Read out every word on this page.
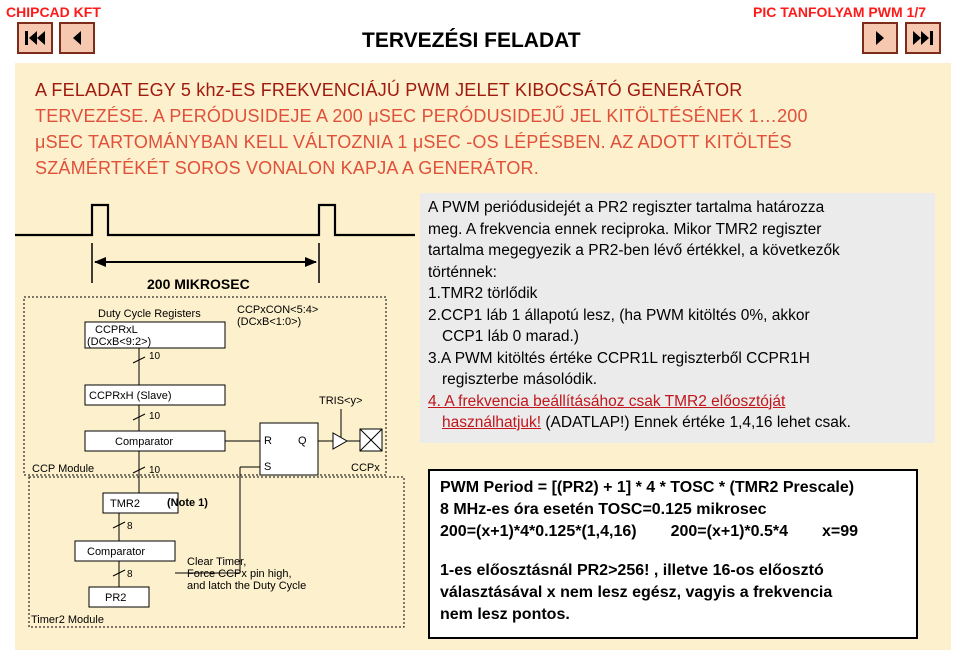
CHIPCAD KFT	PIC TANFOLYAM PWM 1/7
TERVEZÉSI FELADAT
A FELADAT EGY 5 khz-ES FREKVENCIÁJÚ PWM JELET KIBOCSÁTÓ GENERÁTOR
TERVEZÉSE. A PERÓDUSIDEJE A 200 μSEC PERÓDUSIDEJŰ JEL KITÖLTÉSÉNEK 1…200
μSEC TARTOMÁNYBAN KELL VÁLTOZNIA 1 μSEC -OS LÉPÉSBEN. AZ ADOTT KITÖLTÉS
SZÁMÉRTÉKÉT SOROS VONALON KAPJA A GENERÁTOR.
200 MIKROSEC
Duty Cycle Registers	CCPxCON<5:4>
(DCxB<1:0>)
CCPRxL
(DCxB<9:2>)
10
CCPRxH (Slave)
10
Comparator
CCP Module
R Q
S
TRIS<y>
CCPx
10
TMR2 (Note 1)
8
Comparator
8
PR2
Clear Timer,
Force CCPx pin high,
and latch the Duty Cycle
Timer2 Module
A PWM periódusidejét a PR2 regiszter tartalma határozza
meg. A frekvencia ennek reciproka. Mikor TMR2 regiszter
tartalma megegyezik a PR2-ben lévő értékkel, a következők
történnek:
1.TMR2 törlődik
2.CCP1 láb 1 állapotú lesz, (ha PWM kitöltés 0%, akkor
CCP1 láb 0 marad.)
3.A PWM kitöltés értéke CCPR1L regiszterből CCPR1H
regiszterbe másolódik.
4. A frekvencia beállításához csak TMR2 előosztóját
használhatjuk! (ADATLAP!) Ennek értéke 1,4,16 lehet csak.
PWM Period = [(PR2) + 1] * 4 * TOSC * (TMR2 Prescale)
8 MHz-es óra esetén TOSC=0.125 mikrosec
200=(x+1)*4*0.125*(1,4,16) 200=(x+1)*0.5*4 x=99
1-es előosztásnál PR2>256! , illetve 16-os előosztó
választásával x nem lesz egész, vagyis a frekvencia
nem lesz pontos.
